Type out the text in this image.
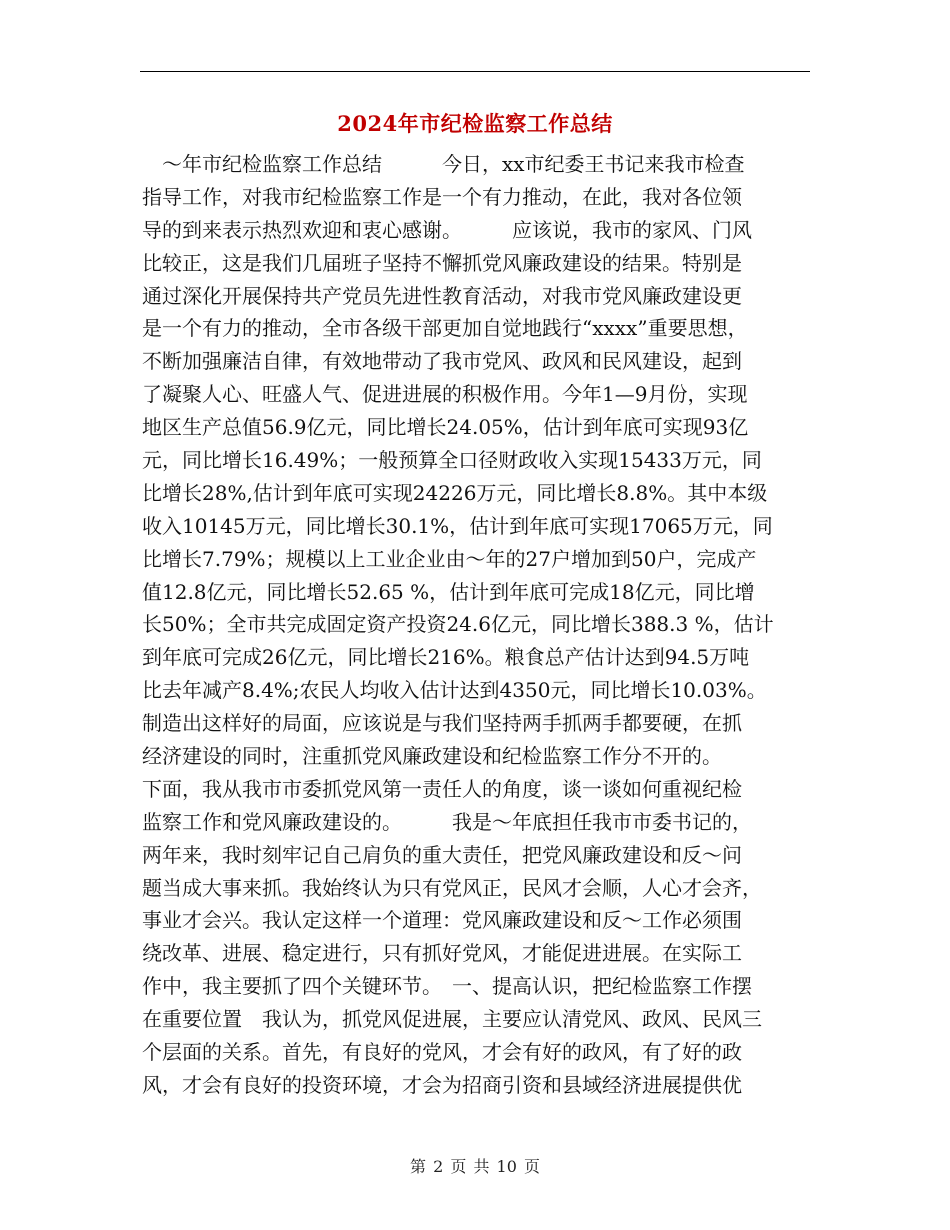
2024年市纪检监察工作总结
　～年市纪检监察工作总结　　　今日，xx市纪委王书记来我市检查
指导工作，对我市纪检监察工作是一个有力推动，在此，我对各位领
导的到来表示热烈欢迎和衷心感谢。　　　应该说，我市的家风、门风
比较正，这是我们几届班子坚持不懈抓党风廉政建设的结果。特别是
通过深化开展保持共产党员先进性教育活动，对我市党风廉政建设更
是一个有力的推动，全市各级干部更加自觉地践行“xxxx”重要思想，
不断加强廉洁自律，有效地带动了我市党风、政风和民风建设，起到
了凝聚人心、旺盛人气、促进进展的积极作用。今年1—9月份，实现
地区生产总值56.9亿元，同比增长24.05%，估计到年底可实现93亿
元，同比增长16.49%；一般预算全口径财政收入实现15433万元，同
比增长28%,估计到年底可实现24226万元，同比增长8.8%。其中本级
收入10145万元，同比增长30.1%，估计到年底可实现17065万元，同
比增长7.79%；规模以上工业企业由～年的27户增加到50户，完成产
值12.8亿元，同比增长52.65 %，估计到年底可完成18亿元，同比增
长50%；全市共完成固定资产投资24.6亿元，同比增长388.3 %，估计
到年底可完成26亿元，同比增长216%。粮食总产估计达到94.5万吨
比去年减产8.4%;农民人均收入估计达到4350元，同比增长10.03%。
制造出这样好的局面，应该说是与我们坚持两手抓两手都要硬，在抓
经济建设的同时，注重抓党风廉政建设和纪检监察工作分不开的。
下面，我从我市市委抓党风第一责任人的角度，谈一谈如何重视纪检
监察工作和党风廉政建设的。　　　我是～年底担任我市市委书记的，
两年来，我时刻牢记自己肩负的重大责任，把党风廉政建设和反～问
题当成大事来抓。我始终认为只有党风正，民风才会顺，人心才会齐，
事业才会兴。我认定这样一个道理：党风廉政建设和反～工作必须围
绕改革、进展、稳定进行，只有抓好党风，才能促进进展。在实际工
作中，我主要抓了四个关键环节。　一、提高认识，把纪检监察工作摆
在重要位置　我认为，抓党风促进展，主要应认清党风、政风、民风三
个层面的关系。首先，有良好的党风，才会有好的政风，有了好的政
风，才会有良好的投资环境，才会为招商引资和县域经济进展提供优
第 2 页 共 10 页
